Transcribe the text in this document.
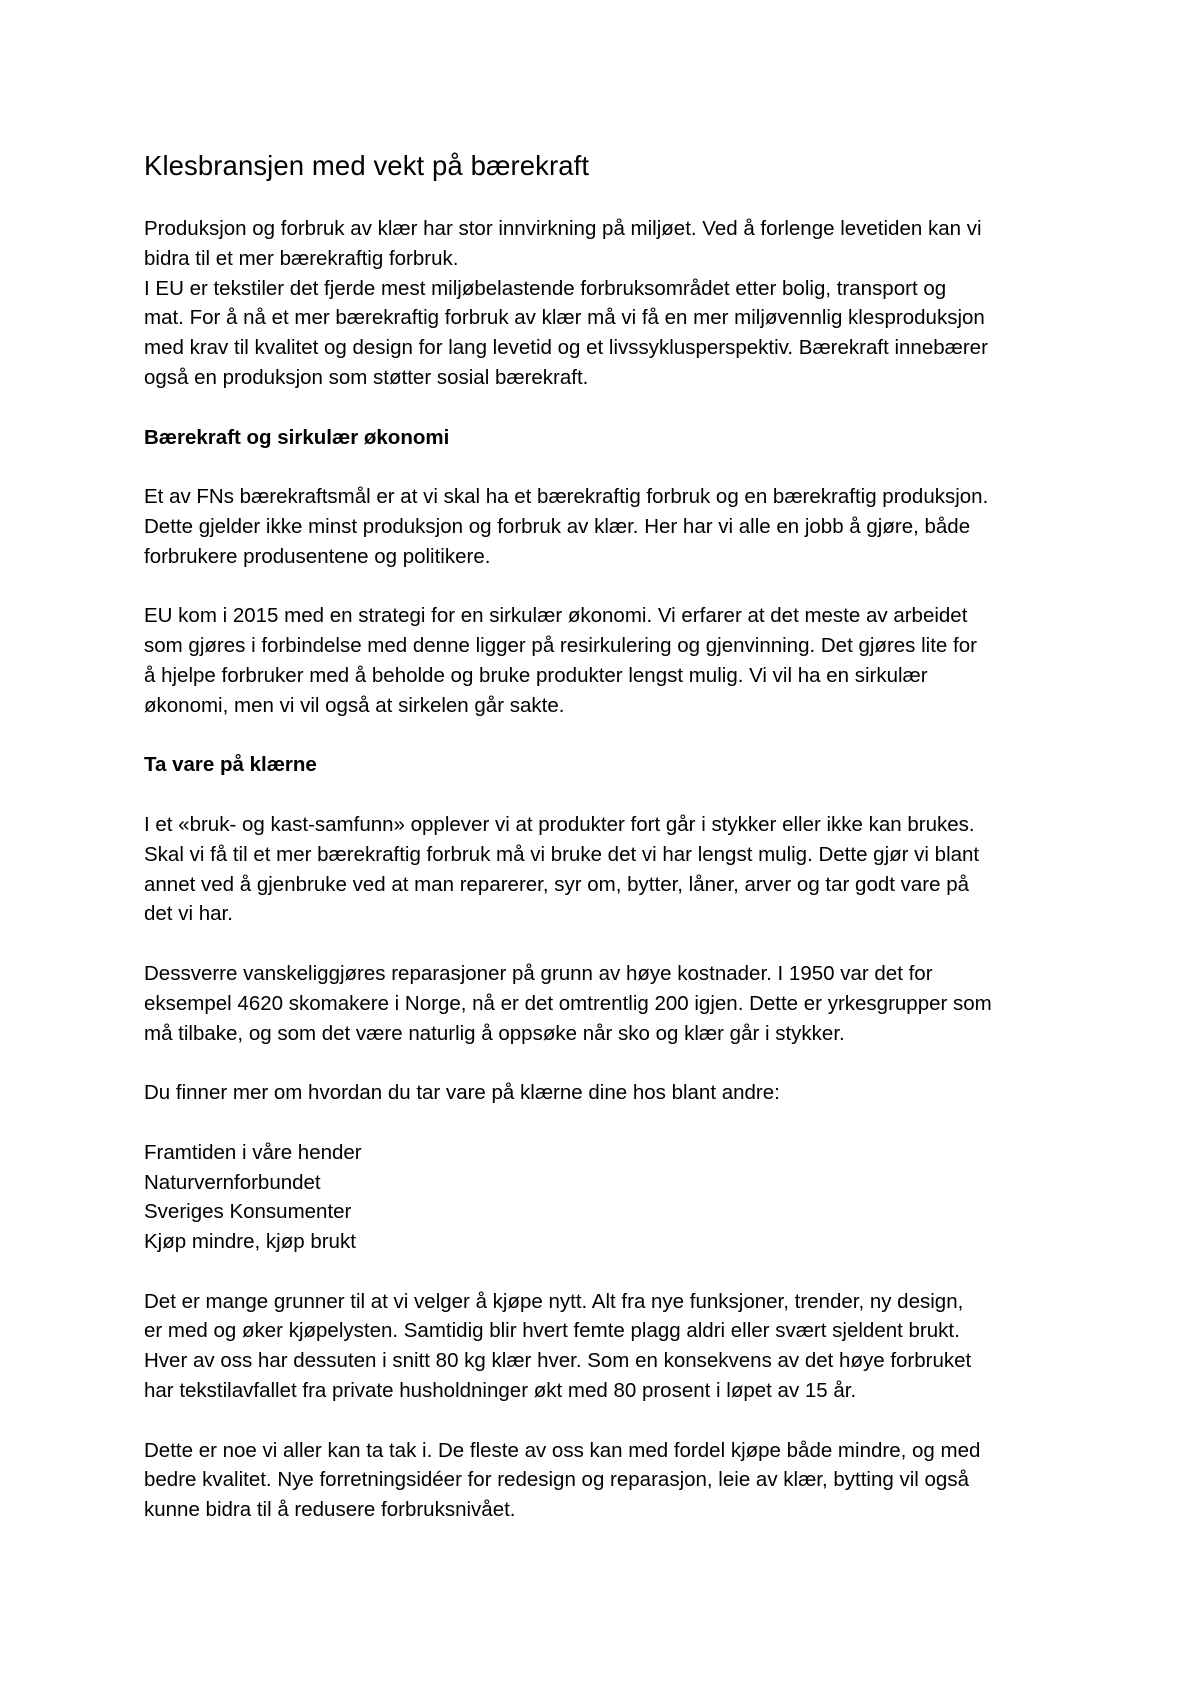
Klesbransjen med vekt på bærekraft

Produksjon og forbruk av klær har stor innvirkning på miljøet. Ved å forlenge levetiden kan vi
bidra til et mer bærekraftig forbruk.
I EU er tekstiler det fjerde mest miljøbelastende forbruksområdet etter bolig, transport og
mat. For å nå et mer bærekraftig forbruk av klær må vi få en mer miljøvennlig klesproduksjon
med krav til kvalitet og design for lang levetid og et livssyklusperspektiv. Bærekraft innebærer
også en produksjon som støtter sosial bærekraft.

Bærekraft og sirkulær økonomi

Et av FNs bærekraftsmål er at vi skal ha et bærekraftig forbruk og en bærekraftig produksjon.
Dette gjelder ikke minst produksjon og forbruk av klær. Her har vi alle en jobb å gjøre, både
forbrukere produsentene og politikere.

EU kom i 2015 med en strategi for en sirkulær økonomi. Vi erfarer at det meste av arbeidet
som gjøres i forbindelse med denne ligger på resirkulering og gjenvinning. Det gjøres lite for
å hjelpe forbruker med å beholde og bruke produkter lengst mulig. Vi vil ha en sirkulær
økonomi, men vi vil også at sirkelen går sakte.

Ta vare på klærne

I et «bruk- og kast-samfunn» opplever vi at produkter fort går i stykker eller ikke kan brukes.
Skal vi få til et mer bærekraftig forbruk må vi bruke det vi har lengst mulig. Dette gjør vi blant
annet ved å gjenbruke ved at man reparerer, syr om, bytter, låner, arver og tar godt vare på
det vi har.

Dessverre vanskeliggjøres reparasjoner på grunn av høye kostnader. I 1950 var det for
eksempel 4620 skomakere i Norge, nå er det omtrentlig 200 igjen. Dette er yrkesgrupper som
må tilbake, og som det være naturlig å oppsøke når sko og klær går i stykker.

Du finner mer om hvordan du tar vare på klærne dine hos blant andre:

Framtiden i våre hender
Naturvernforbundet
Sveriges Konsumenter
Kjøp mindre, kjøp brukt

Det er mange grunner til at vi velger å kjøpe nytt. Alt fra nye funksjoner, trender, ny design,
er med og øker kjøpelysten. Samtidig blir hvert femte plagg aldri eller svært sjeldent brukt.
Hver av oss har dessuten i snitt 80 kg klær hver. Som en konsekvens av det høye forbruket
har tekstilavfallet fra private husholdninger økt med 80 prosent i løpet av 15 år.

Dette er noe vi aller kan ta tak i. De fleste av oss kan med fordel kjøpe både mindre, og med
bedre kvalitet. Nye forretningsidéer for redesign og reparasjon, leie av klær, bytting vil også
kunne bidra til å redusere forbruksnivået.
